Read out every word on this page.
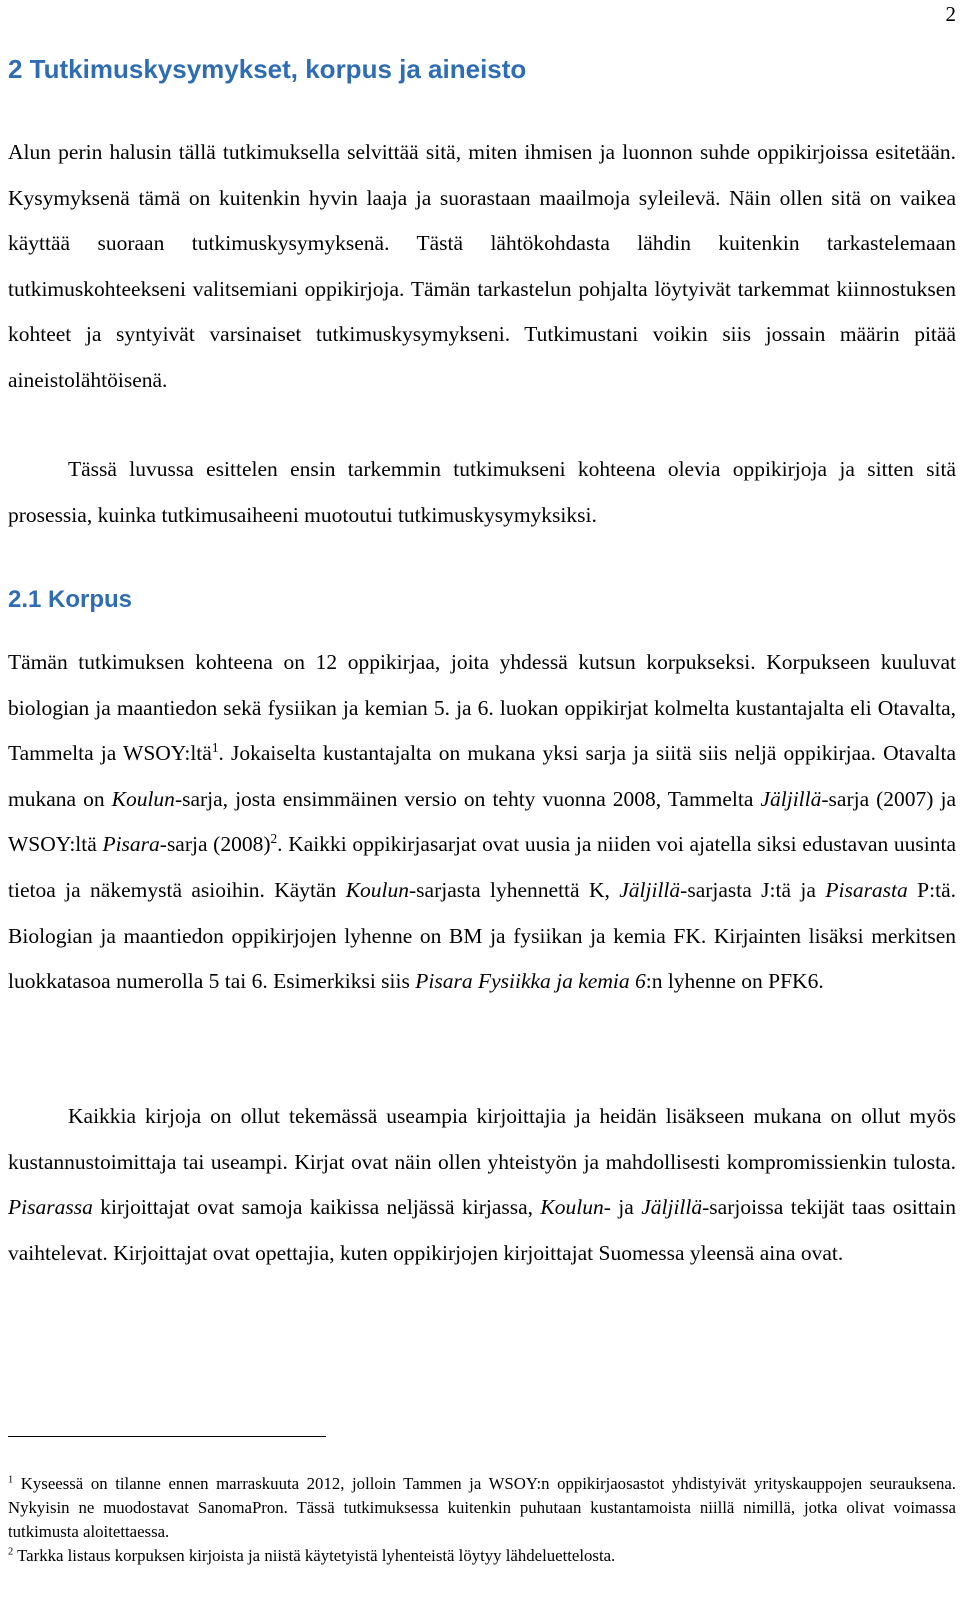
2
2 Tutkimuskysymykset, korpus ja aineisto

Alun perin halusin tällä tutkimuksella selvittää sitä, miten ihmisen ja luonnon suhde oppikirjoissa esitetään. Kysymyksenä tämä on kuitenkin hyvin laaja ja suorastaan maailmoja syleilevä. Näin ollen sitä on vaikea käyttää suoraan tutkimuskysymyksenä. Tästä lähtökohdasta lähdin kuitenkin tarkastelemaan tutkimuskohteekseni valitsemiani oppikirjoja. Tämän tarkastelun pohjalta löytyivät tarkemmat kiinnostuksen kohteet ja syntyivät varsinaiset tutkimuskysymykseni. Tutkimustani voikin siis jossain määrin pitää aineistolähtöisenä.

Tässä luvussa esittelen ensin tarkemmin tutkimukseni kohteena olevia oppikirjoja ja sitten sitä prosessia, kuinka tutkimusaiheeni muotoutui tutkimuskysymyksiksi.

2.1 Korpus

Tämän tutkimuksen kohteena on 12 oppikirjaa, joita yhdessä kutsun korpukseksi. Korpukseen kuuluvat biologian ja maantiedon sekä fysiikan ja kemian 5. ja 6. luokan oppikirjat kolmelta kustantajalta eli Otavalta, Tammelta ja WSOY:ltä$^1$. Jokaiselta kustantajalta on mukana yksi sarja ja siitä siis neljä oppikirjaa. Otavalta mukana on Koulun-sarja, josta ensimmäinen versio on tehty vuonna 2008, Tammelta Jäljillä-sarja (2007) ja WSOY:ltä Pisara-sarja $(2008)^2$. Kaikki oppikirjasarjat ovat uusia ja niiden voi ajatella siksi edustavan uusinta tietoa ja näkemystä asioihin. Käytän Koulun-sarjasta lyhennettä K, Jäljillä-sarjasta J:tä ja Pisarasta P:tä. Biologian ja maantiedon oppikirjojen lyhenne on BM ja fysiikan ja kemia FK. Kirjainten lisäksi merkitsen luokkatasoa numerolla 5 tai 6. Esimerkiksi siis Pisara Fysiikka ja kemia 6:n lyhenne on PFK6.

Kaikkia kirjoja on ollut tekemässä useampia kirjoittajia ja heidän lisäkseen mukana on ollut myös kustannustoimittaja tai useampi. Kirjat ovat näin ollen yhteistyön ja mahdollisesti kompromissienkin tulosta. Pisarassa kirjoittajat ovat samoja kaikissa neljässä kirjassa, Koulun- ja Jäljillä-sarjoissa tekijät taas osittain vaihtelevat. Kirjoittajat ovat opettajia, kuten oppikirjojen kirjoittajat Suomessa yleensä aina ovat.

$^1$ Kyseessä on tilanne ennen marraskuuta 2012, jolloin Tammen ja WSOY:n oppikirjaosastot yhdistyivät yrityskauppojen seurauksena. Nykyisin ne muodostavat SanomaPron. Tässä tutkimuksessa kuitenkin puhutaan kustantamoista niillä nimillä, jotka olivat voimassa tutkimusta aloitettaessa.

$^2$ Tarkka listaus korpuksen kirjoista ja niistä käytetyistä lyhenteistä löytyy lähdeluettelosta.
